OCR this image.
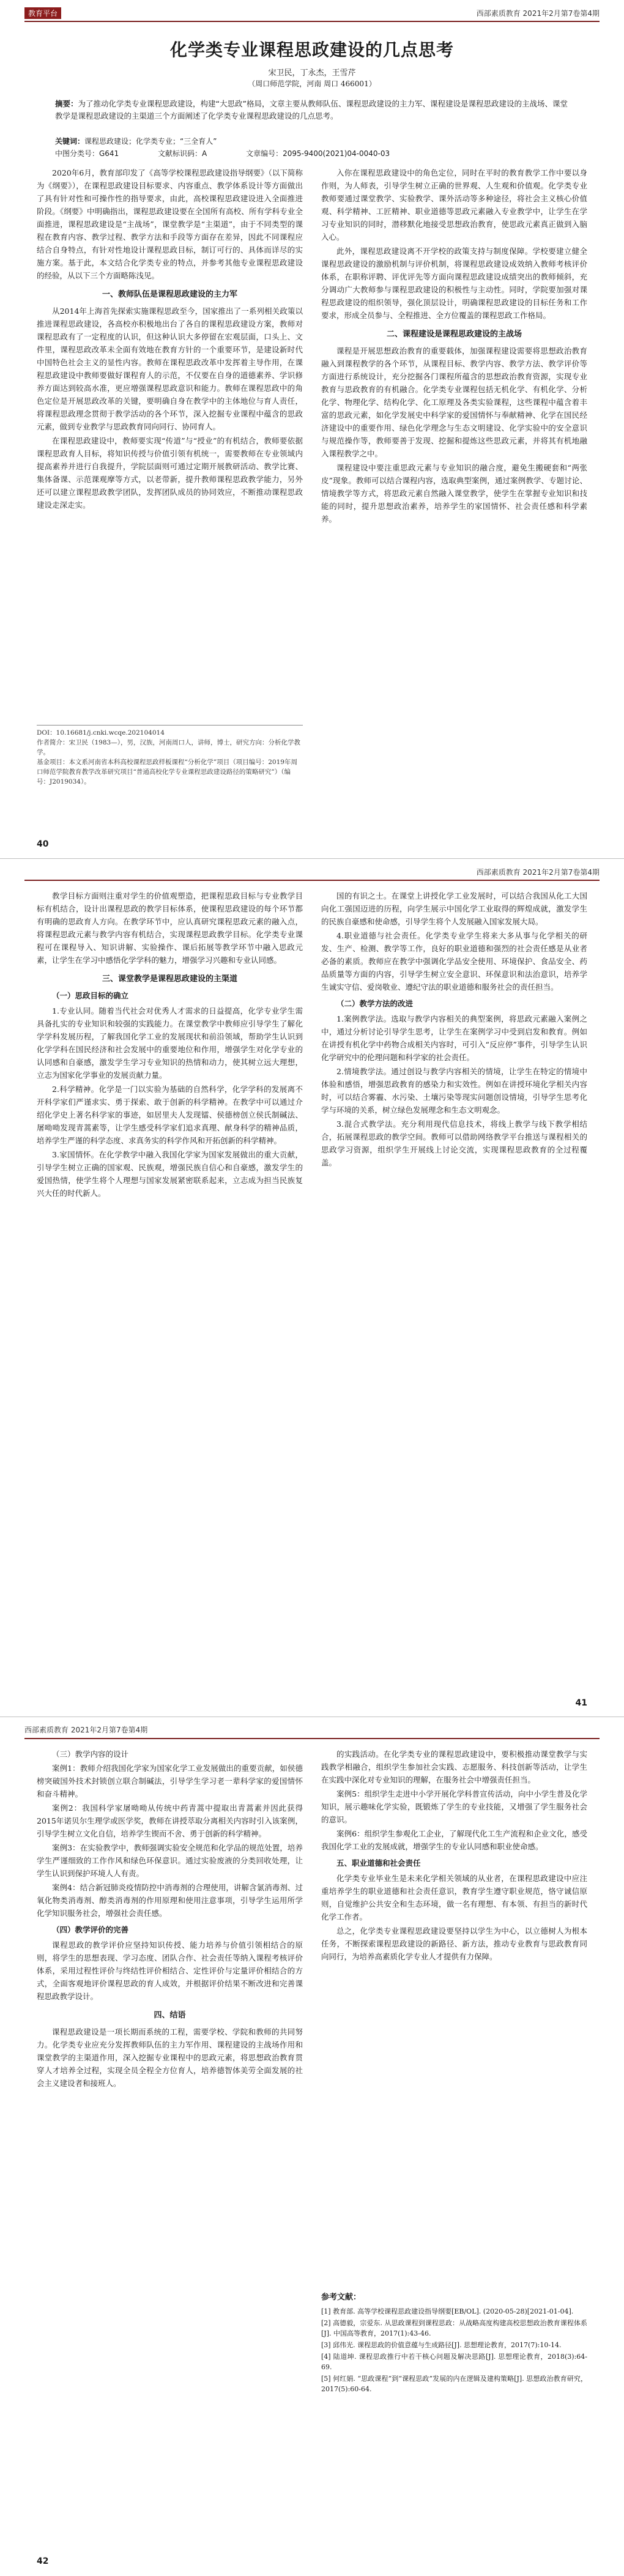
教育平台	西部素质教育 2021年2月第7卷第4期
化学类专业课程思政建设的几点思考
宋卫民，丁永杰，王雪芹
（周口师范学院，河南 周口 466001）
摘要：为了推动化学类专业课程思政建设，构建“大思政”格局，文章主要从教师队伍、课程思政建设的主力军、课程建设是课程思政建设的主战场、课堂教学是课程思政建设的主渠道三个方面阐述了化学类专业课程思政建设的几点思考。
关键词：课程思政建设；化学类专业；“三全育人”
中图分类号：G641	文献标识码：A	文章编号：2095-9400(2021)04-0040-03

2020年6月，教育部印发了《高等学校课程思政建设指导纲要》（以下简称为《纲要》），在课程思政建设目标要求、内容重点、教学体系设计等方面做出了具有针对性和可操作性的指导要求，由此，高校课程思政建设进入全面推进阶段。《纲要》中明确指出，课程思政建设要在全国所有高校、所有学科专业全面推进，课程思政建设是“主战场”，课堂教学是“主渠道”，由于不同类型的课程在教育内容、教学过程、教学方法和手段等方面存在差异，因此不同课程应结合自身特点，有针对性地设计课程思政目标，制订可行的、具体而详尽的实施方案。基于此，本文结合化学类专业的特点，并参考其他专业课程思政建设的经验，从以下三个方面略陈浅见。

一、教师队伍是课程思政建设的主力军

从2014年上海首先探索实施课程思政至今，国家推出了一系列相关政策以推进课程思政建设，各高校亦积极地出台了各自的课程思政建设方案，教师对课程思政有了一定程度的认识，但这种认识大多停留在宏观层面，口头上、文件里，课程思政改革未全面有效地在教育方针的一个重要环节，是建设新时代中国特色社会主义的显性内容。教师在课程思政改革中发挥着主导作用，在课程思政建设中教师要做好课程育人的示范，不仅要在自身的道德素养、学识修养方面达到较高水准，更应增强课程思政意识和能力。教师在课程思政中的角色定位是开展思政改革的关键，要明确自身在教学中的主体地位与育人责任，将课程思政理念贯彻于教学活动的各个环节，深入挖掘专业课程中蕴含的思政元素，做到专业教学与思政教育同向同行、协同育人。

在课程思政建设中，教师要实现“传道”与“授业”的有机结合，教师要依据课程思政育人目标，将知识传授与价值引领有机统一，需要教师在专业领域内提高素养并进行自我提升，学院层面则可通过定期开展教研活动、教学比赛、集体备课、示范课观摩等方式，以老带新，提升教师课程思政教学能力，另外还可以建立课程思政教学团队，发挥团队成员的协同效应，不断推动课程思政建设走深走实。

入你在课程思政建设中的角色定位，同时在平时的教育教学工作中要以身作则，为人师表，引导学生树立正确的世界观、人生观和价值观。化学类专业教师要通过课堂教学、实验教学、课外活动等多种途径，将社会主义核心价值观、科学精神、工匠精神、职业道德等思政元素融入专业教学中，让学生在学习专业知识的同时，潜移默化地接受思想政治教育，使思政元素真正做到入脑入心。

此外，课程思政建设离不开学校的政策支持与制度保障。学校要建立健全课程思政建设的激励机制与评价机制，将课程思政建设成效纳入教师考核评价体系，在职称评聘、评优评先等方面向课程思政建设成绩突出的教师倾斜，充分调动广大教师参与课程思政建设的积极性与主动性。同时，学院要加强对课程思政建设的组织领导，强化顶层设计，明确课程思政建设的目标任务和工作要求，形成全员参与、全程推进、全方位覆盖的课程思政工作格局。

二、课程建设是课程思政建设的主战场

课程是开展思想政治教育的重要载体，加强课程建设需要将思想政治教育融入到课程教学的各个环节，从课程目标、教学内容、教学方法、教学评价等方面进行系统设计，充分挖掘各门课程所蕴含的思想政治教育资源，实现专业教育与思政教育的有机融合。化学类专业课程包括无机化学、有机化学、分析化学、物理化学、结构化学、化工原理及各类实验课程，这些课程中蕴含着丰富的思政元素，如化学发展史中科学家的爱国情怀与奉献精神、化学在国民经济建设中的重要作用、绿色化学理念与生态文明建设、化学实验中的安全意识与规范操作等，教师要善于发现、挖掘和提炼这些思政元素，并将其有机地融入课程教学之中。

课程建设中要注重思政元素与专业知识的融合度，避免生搬硬套和“两张皮”现象。教师可以结合课程内容，选取典型案例，通过案例教学、专题讨论、情境教学等方式，将思政元素自然融入课堂教学，使学生在掌握专业知识和技能的同时，提升思想政治素养，培养学生的家国情怀、社会责任感和科学素养。

DOI：10.16681/j.cnki.wcqe.202104014
作者简介：宋卫民（1983—），男，汉族，河南周口人，讲师，博士，研究方向：分析化学教学。
基金项目：本文系河南省本科高校课程思政样板课程“分析化学”项目（项目编号：2019年周口师范学院教育教学改革研究项目“普通高校化学专业课程思政建设路径的策略研究”）（编号：J2019034）。
40
西部素质教育 2021年2月第7卷第4期

教学目标方面则注重对学生的价值观塑造，把课程思政目标与专业教学目标有机结合，设计出课程思政的教学目标体系，使课程思政建设的每个环节都有明确的思政育人方向。在教学环节中，应认真研究课程思政元素的融入点，将课程思政元素与教学内容有机结合，实现课程思政教学目标。化学类专业课程可在课程导入、知识讲解、实验操作、课后拓展等教学环节中融入思政元素，让学生在学习中感悟化学学科的魅力，增强学习兴趣和专业认同感。

三、课堂教学是课程思政建设的主渠道
（一）思政目标的确立

1.专业认同。随着当代社会对优秀人才需求的日益提高，化学专业学生需具备扎实的专业知识和较强的实践能力。在课堂教学中教师应引导学生了解化学学科发展历程，了解我国化学工业的发展现状和前沿领域，帮助学生认识到化学学科在国民经济和社会发展中的重要地位和作用，增强学生对化学专业的认同感和自豪感，激发学生学习专业知识的热情和动力，使其树立远大理想，立志为国家化学事业的发展贡献力量。

2.科学精神。化学是一门以实验为基础的自然科学，化学学科的发展离不开科学家们严谨求实、勇于探索、敢于创新的科学精神。在教学中可以通过介绍化学史上著名科学家的事迹，如居里夫人发现镭、侯德榜创立侯氏制碱法、屠呦呦发现青蒿素等，让学生感受科学家们追求真理、献身科学的精神品质，培养学生严谨的科学态度、求真务实的科学作风和开拓创新的科学精神。

3.家国情怀。在化学教学中融入我国化学家为国家发展做出的重大贡献，引导学生树立正确的国家观、民族观，增强民族自信心和自豪感，激发学生的爱国热情，使学生将个人理想与国家发展紧密联系起来，立志成为担当民族复兴大任的时代新人。

国的有识之士。在课堂上讲授化学工业发展时，可以结合我国从化工大国向化工强国迈进的历程，向学生展示中国化学工业取得的辉煌成就，激发学生的民族自豪感和使命感，引导学生将个人发展融入国家发展大局。

4.职业道德与社会责任。化学类专业学生将来大多从事与化学相关的研发、生产、检测、教学等工作，良好的职业道德和强烈的社会责任感是从业者必备的素质。教师应在教学中强调化学品安全使用、环境保护、食品安全、药品质量等方面的内容，引导学生树立安全意识、环保意识和法治意识，培养学生诚实守信、爱岗敬业、遵纪守法的职业道德和服务社会的责任担当。

（二）教学方法的改进

1.案例教学法。选取与教学内容相关的典型案例，将思政元素融入案例之中，通过分析讨论引导学生思考，让学生在案例学习中受到启发和教育。例如在讲授有机化学中药物合成相关内容时，可引入“反应停”事件，引导学生认识化学研究中的伦理问题和科学家的社会责任。

2.情境教学法。通过创设与教学内容相关的情境，让学生在特定的情境中体验和感悟，增强思政教育的感染力和实效性。例如在讲授环境化学相关内容时，可以结合雾霾、水污染、土壤污染等现实问题创设情境，引导学生思考化学与环境的关系，树立绿色发展理念和生态文明观念。

3.混合式教学法。充分利用现代信息技术，将线上教学与线下教学相结合，拓展课程思政的教学空间。教师可以借助网络教学平台推送与课程相关的思政学习资源，组织学生开展线上讨论交流，实现课程思政教育的全过程覆盖。

41
西部素质教育 2021年2月第7卷第4期

（三）教学内容的设计

案例1：教师介绍我国化学家为国家化学工业发展做出的重要贡献，如侯德榜突破国外技术封锁创立联合制碱法，引导学生学习老一辈科学家的爱国情怀和奋斗精神。

案例2：我国科学家屠呦呦从传统中药青蒿中提取出青蒿素并因此获得2015年诺贝尔生理学或医学奖，教师在讲授萃取分离相关内容时引入该案例，引导学生树立文化自信，培养学生锲而不舍、勇于创新的科学精神。

案例3：在实验教学中，教师强调实验安全规范和化学品的规范处置，培养学生严谨细致的工作作风和绿色环保意识。通过实验废液的分类回收处理，让学生认识到保护环境人人有责。

案例4：结合新冠肺炎疫情防控中消毒剂的合理使用，讲解含氯消毒剂、过氧化物类消毒剂、醇类消毒剂的作用原理和使用注意事项，引导学生运用所学化学知识服务社会，增强社会责任感。

（四）教学评价的完善

课程思政的教学评价应坚持知识传授、能力培养与价值引领相结合的原则，将学生的思想表现、学习态度、团队合作、社会责任等纳入课程考核评价体系，采用过程性评价与终结性评价相结合、定性评价与定量评价相结合的方式，全面客观地评价课程思政的育人成效，并根据评价结果不断改进和完善课程思政教学设计。

四、结语

课程思政建设是一项长期而系统的工程，需要学校、学院和教师的共同努力。化学类专业应充分发挥教师队伍的主力军作用、课程建设的主战场作用和课堂教学的主渠道作用，深入挖掘专业课程中的思政元素，将思想政治教育贯穿人才培养全过程，实现全员全程全方位育人，培养德智体美劳全面发展的社会主义建设者和接班人。

的实践活动。在化学类专业的课程思政建设中，要积极推动课堂教学与实践教学相融合，组织学生参加社会实践、志愿服务、科技创新等活动，让学生在实践中深化对专业知识的理解，在服务社会中增强责任担当。

案例5：组织学生走进中小学开展化学科普宣传活动，向中小学生普及化学知识，展示趣味化学实验，既锻炼了学生的专业技能，又增强了学生服务社会的意识。

案例6：组织学生参观化工企业，了解现代化工生产流程和企业文化，感受我国化学工业的发展成就，增强学生的专业认同感和职业使命感。

五、职业道德和社会责任

化学类专业毕业生是未来化学相关领域的从业者，在课程思政建设中应注重培养学生的职业道德和社会责任意识，教育学生遵守职业规范，恪守诚信原则，自觉维护公共安全和生态环境，做一名有理想、有本领、有担当的新时代化学工作者。

总之，化学类专业课程思政建设要坚持以学生为中心，以立德树人为根本任务，不断探索课程思政建设的新路径、新方法，推动专业教育与思政教育同向同行，为培养高素质化学专业人才提供有力保障。

参考文献：
[1] 教育部. 高等学校课程思政建设指导纲要[EB/OL]. (2020-05-28)[2021-01-04].
[2] 高德毅，宗爱东. 从思政课程到课程思政：从战略高度构建高校思想政治教育课程体系[J]. 中国高等教育，2017(1):43-46.
[3] 邱伟光. 课程思政的价值意蕴与生成路径[J]. 思想理论教育，2017(7):10-14.
[4] 陆道坤. 课程思政推行中若干核心问题及解决思路[J]. 思想理论教育，2018(3):64-69.
[5] 何红娟. “思政课程”到“课程思政”发展的内在逻辑及建构策略[J]. 思想政治教育研究，2017(5):60-64.
42
